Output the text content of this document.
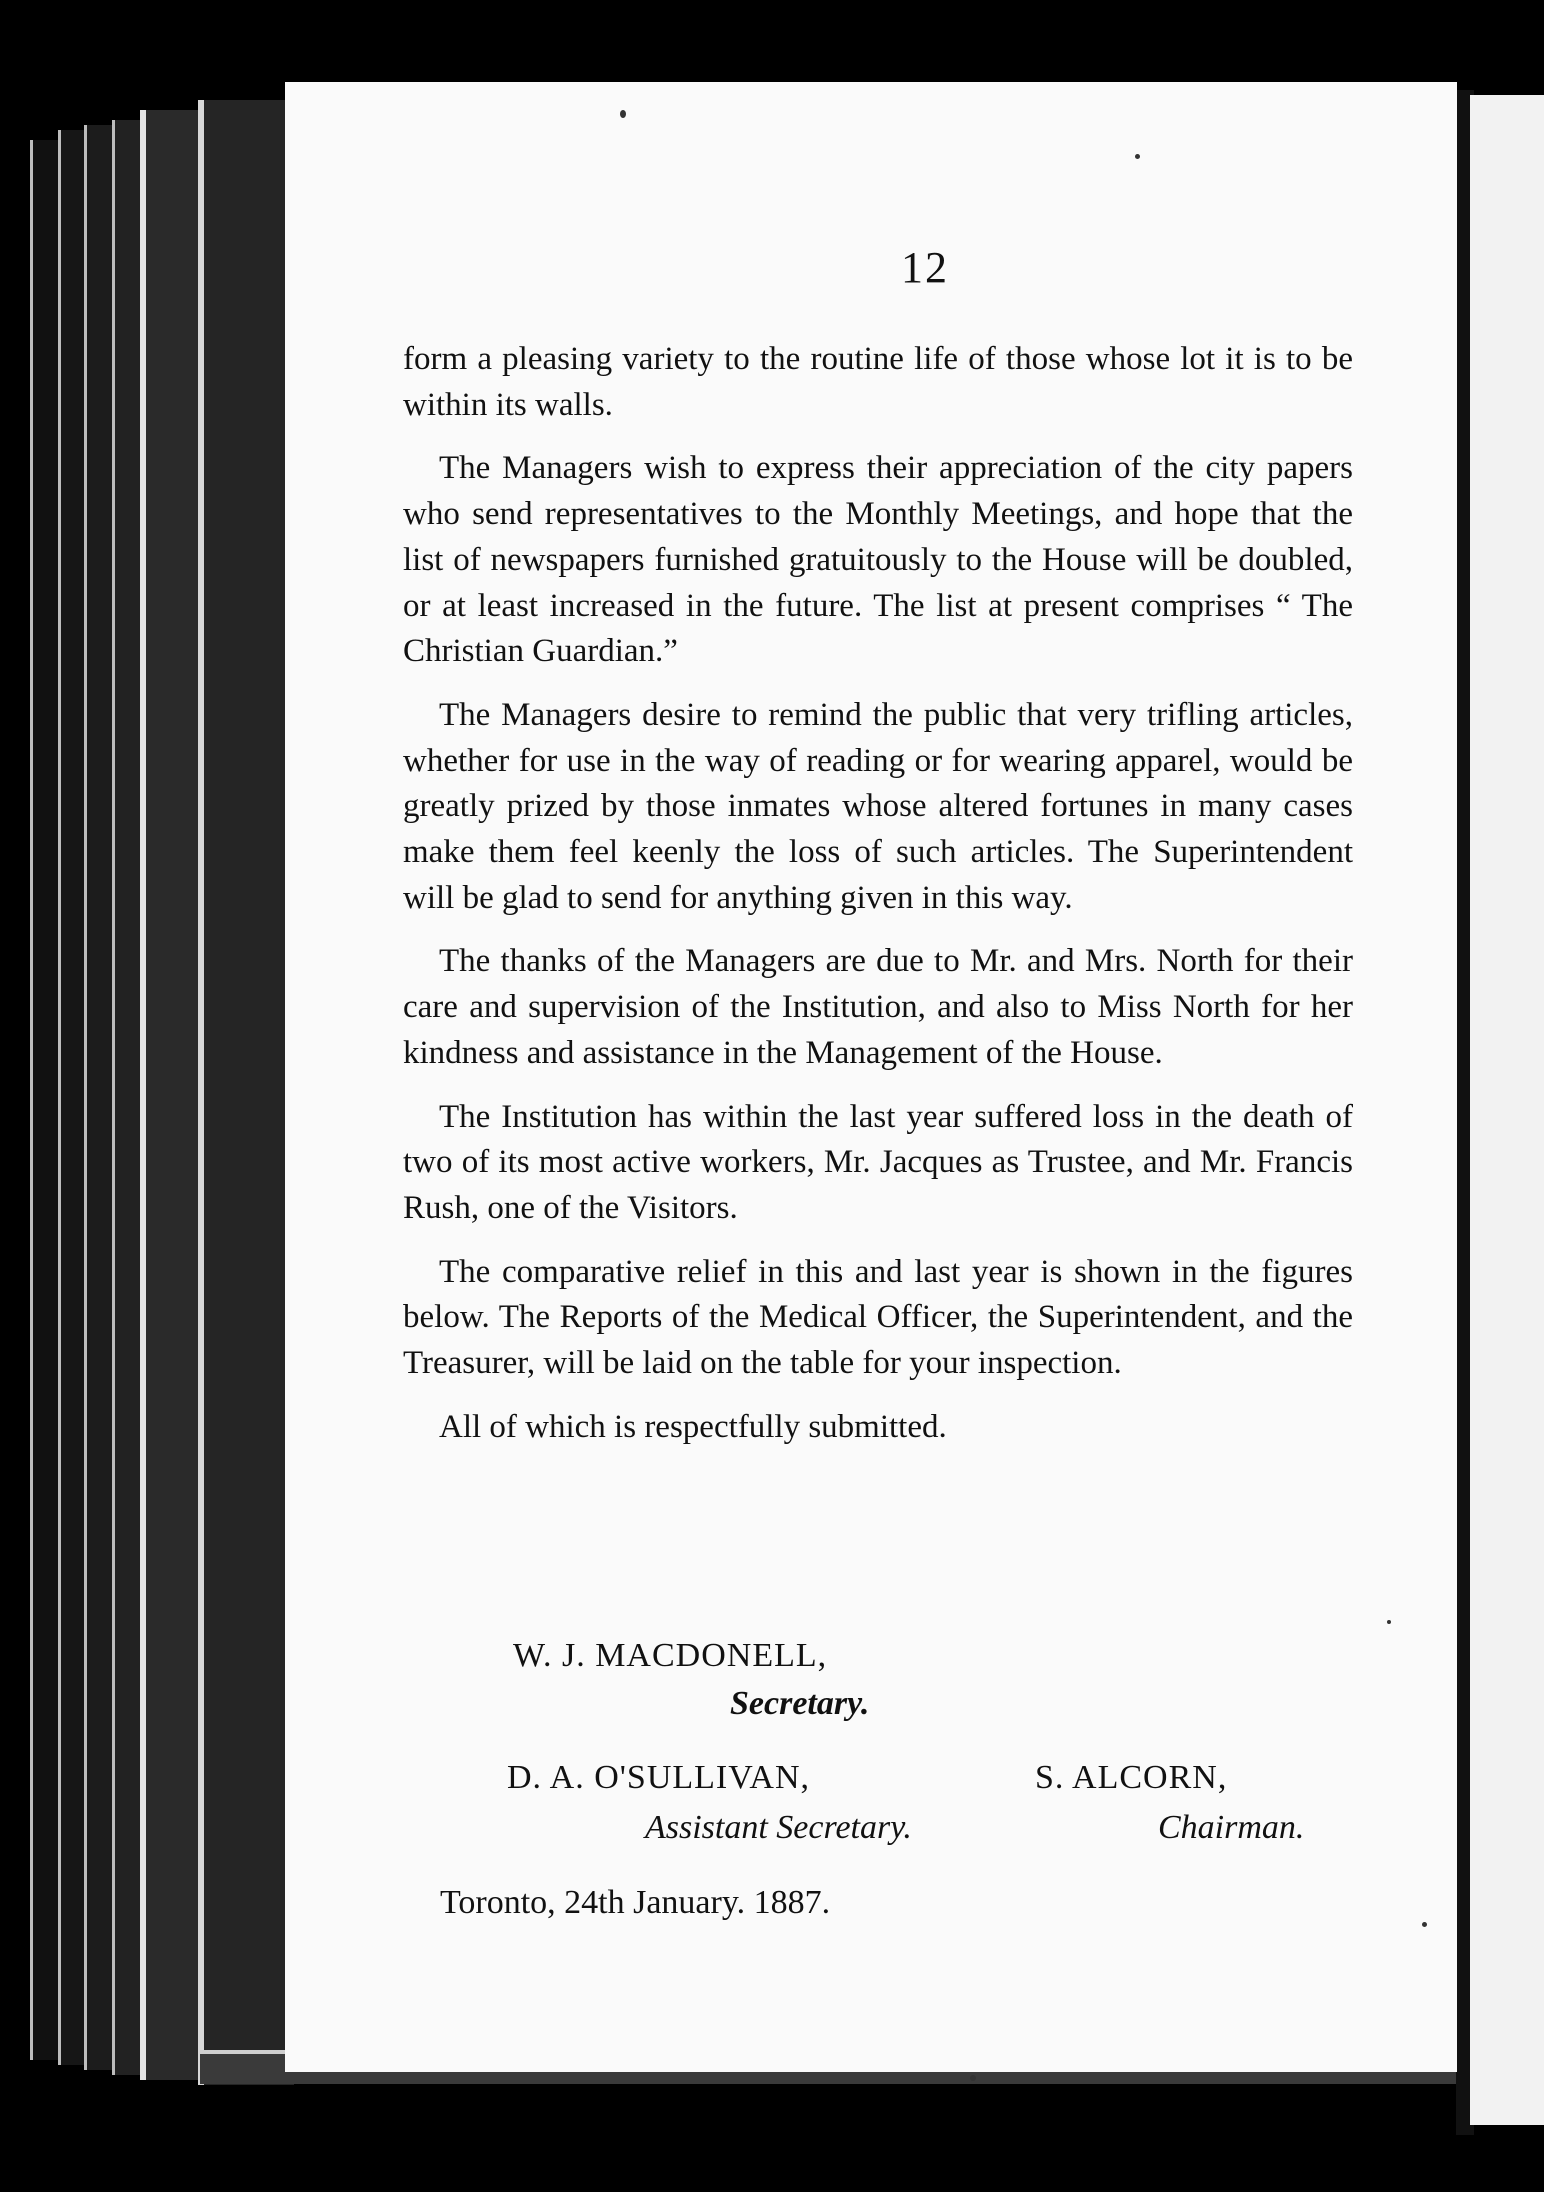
12

form a pleasing variety to the routine life of those whose lot it is to be within its walls.

The Managers wish to express their appreciation of the city papers who send representatives to the Monthly Meetings, and hope that the list of newspapers furnished gratuitously to the House will be doubled, or at least increased in the future. The list at present comprises “ The Christian Guardian.”

The Managers desire to remind the public that very trifling articles, whether for use in the way of reading or for wearing apparel, would be greatly prized by those inmates whose altered fortunes in many cases make them feel keenly the loss of such articles. The Superintendent will be glad to send for anything given in this way.

The thanks of the Managers are due to Mr. and Mrs. North for their care and supervision of the Institution, and also to Miss North for her kindness and assistance in the Management of the House.

The Institution has within the last year suffered loss in the death of two of its most active workers, Mr. Jacques as Trustee, and Mr. Francis Rush, one of the Visitors.

The comparative relief in this and last year is shown in the figures below. The Reports of the Medical Officer, the Superintendent, and the Treasurer, will be laid on the table for your inspection.

All of which is respectfully submitted.

W. J. MACDONELL,
Secretary.
D. A. O'SULLIVAN,
Assistant Secretary.
S. ALCORN,
Chairman.
Toronto, 24th January. 1887.
